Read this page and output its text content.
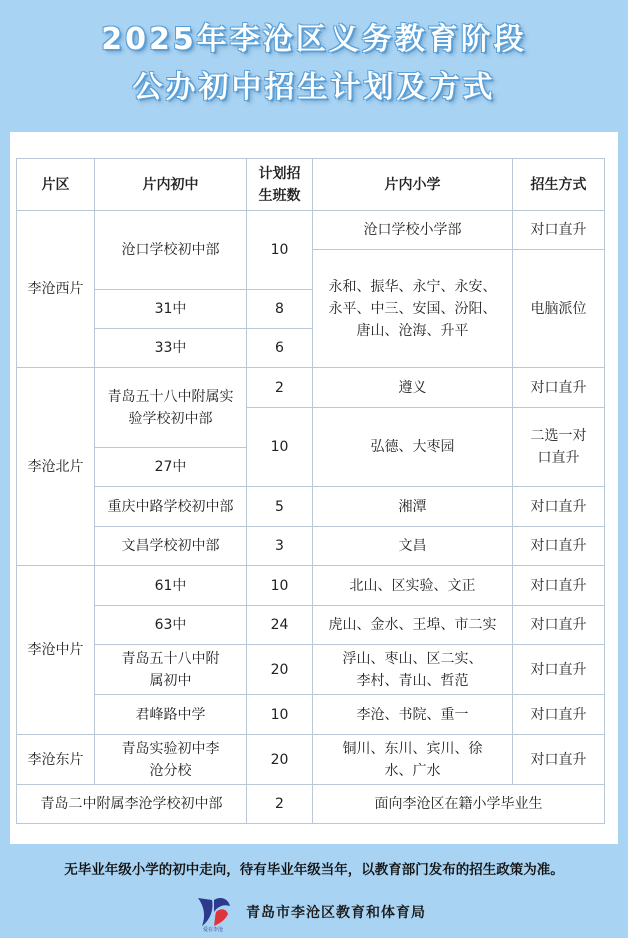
2025年李沧区义务教育阶段
公办初中招生计划及方式
片区	片内初中	计划招生班数	片内小学	招生方式
李沧西片	沧口学校初中部	10	沧口学校小学部	对口直升
			永和、振华、永宁、永安、永平、中三、安国、汾阳、唐山、沧海、升平	电脑派位
	31中	8		
	33中	6		
李沧北片	青岛五十八中附属实验学校初中部	2	遵义	对口直升
		10	弘德、大枣园	二选一对口直升
	27中			
	重庆中路学校初中部	5	湘潭	对口直升
	文昌学校初中部	3	文昌	对口直升
李沧中片	61中	10	北山、区实验、文正	对口直升
	63中	24	虎山、金水、王埠、市二实	对口直升
	青岛五十八中附属初中	20	浮山、枣山、区二实、李村、青山、哲范	对口直升
	君峰路中学	10	李沧、书院、重一	对口直升
李沧东片	青岛实验初中李沧分校	20	铜川、东川、宾川、徐水、广水	对口直升
青岛二中附属李沧学校初中部		2	面向李沧区在籍小学毕业生	
无毕业年级小学的初中走向，待有毕业年级当年，以教育部门发布的招生政策为准。
爱在李沧
青岛市李沧区教育和体育局
